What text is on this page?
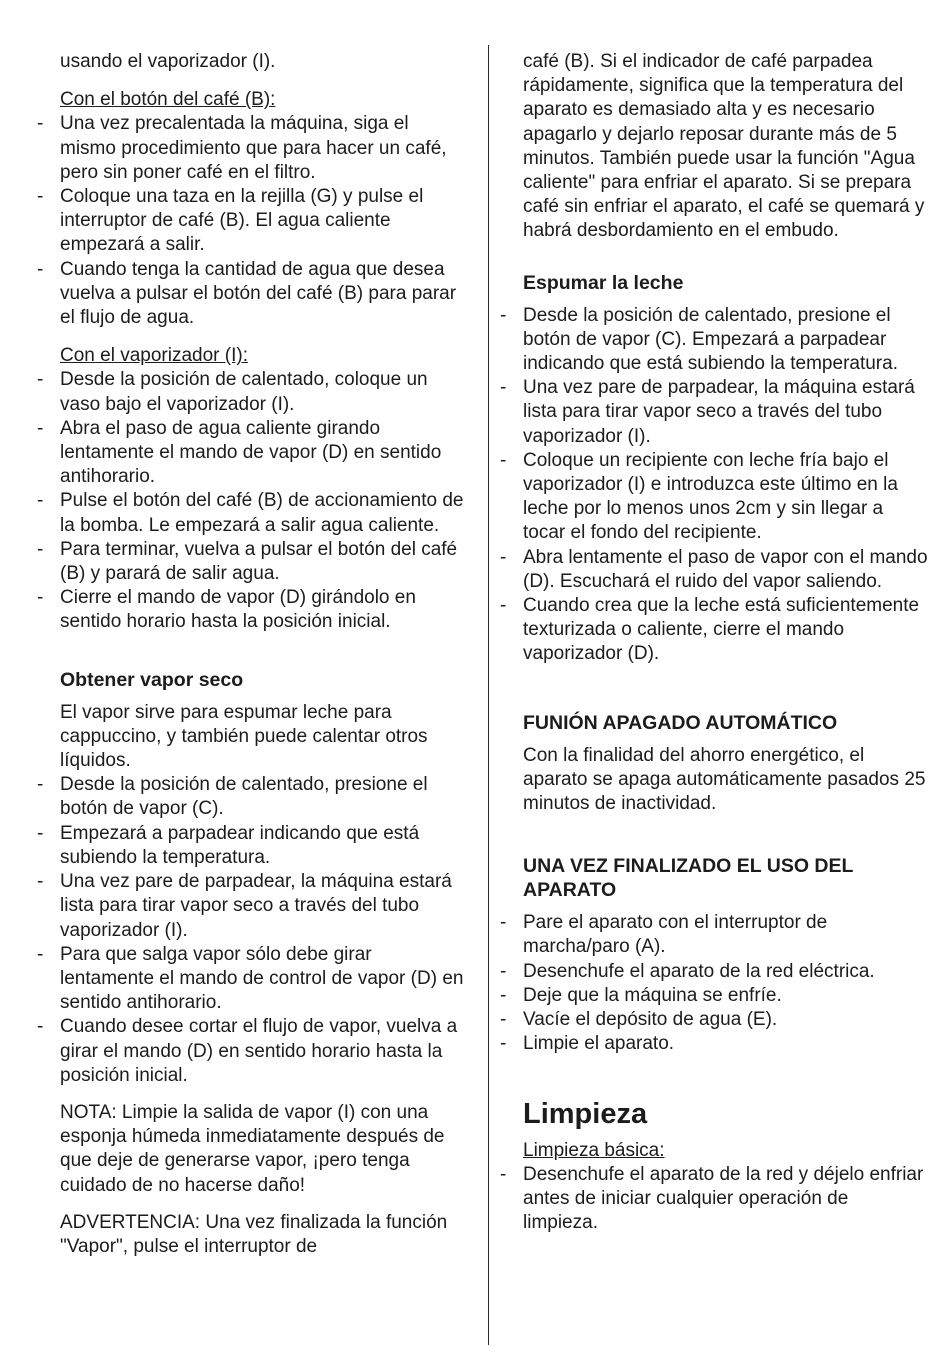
usando el vaporizador (I).

Con el botón del café (B):

- Una vez precalentada la máquina, siga el mismo procedimiento que para hacer un café, pero sin poner café en el filtro.
- Coloque una taza en la rejilla (G) y pulse el interruptor de café (B). El agua caliente empezará a salir.
- Cuando tenga la cantidad de agua que desea vuelva a pulsar el botón del café (B) para parar el flujo de agua.

Con el vaporizador (I):

- Desde la posición de calentado, coloque un vaso bajo el vaporizador (I).
- Abra el paso de agua caliente girando lentamente el mando de vapor (D) en sentido antihorario.
- Pulse el botón del café (B) de accionamiento de la bomba. Le empezará a salir agua caliente.
- Para terminar, vuelva a pulsar el botón del café (B) y parará de salir agua.
- Cierre el mando de vapor (D) girándolo en sentido horario hasta la posición inicial.
Obtener vapor seco

El vapor sirve para espumar leche para cappuccino, y también puede calentar otros líquidos.

- Desde la posición de calentado, presione el botón de vapor (C).
- Empezará a parpadear indicando que está subiendo la temperatura.
- Una vez pare de parpadear, la máquina estará lista para tirar vapor seco a través del tubo vaporizador (I).
- Para que salga vapor sólo debe girar lentamente el mando de control de vapor (D) en sentido antihorario.
- Cuando desee cortar el flujo de vapor, vuelva a girar el mando (D) en sentido horario hasta la posición inicial.

NOTA: Limpie la salida de vapor (I) con una esponja húmeda inmediatamente después de que deje de generarse vapor, ¡pero tenga cuidado de no hacerse daño!

ADVERTENCIA: Una vez finalizada la función "Vapor", pulse el interruptor de

café (B). Si el indicador de café parpadea rápidamente, significa que la temperatura del aparato es demasiado alta y es necesario apagarlo y dejarlo reposar durante más de 5 minutos. También puede usar la función "Agua caliente" para enfriar el aparato. Si se prepara café sin enfriar el aparato, el café se quemará y habrá desbordamiento en el embudo.

Espumar la leche
- Desde la posición de calentado, presione el botón de vapor (C). Empezará a parpadear indicando que está subiendo la temperatura.
- Una vez pare de parpadear, la máquina estará lista para tirar vapor seco a través del tubo vaporizador (I).
- Coloque un recipiente con leche fría bajo el vaporizador (I) e introduzca este último en la leche por lo menos unos 2cm y sin llegar a tocar el fondo del recipiente.
- Abra lentamente el paso de vapor con el mando (D). Escuchará el ruido del vapor saliendo.
- Cuando crea que la leche está suficientemente texturizada o caliente, cierre el mando vaporizador (D).
FUNIÓN APAGADO AUTOMÁTICO

Con la finalidad del ahorro energético, el aparato se apaga automáticamente pasados 25 minutos de inactividad.

UNA VEZ FINALIZADO EL USO DEL APARATO
- Pare el aparato con el interruptor de marcha/paro (A).
- Desenchufe el aparato de la red eléctrica.
- Deje que la máquina se enfríe.
- Vacíe el depósito de agua (E).
- Limpie el aparato.
Limpieza

Limpieza básica:

- Desenchufe el aparato de la red y déjelo enfriar antes de iniciar cualquier operación de limpieza.
